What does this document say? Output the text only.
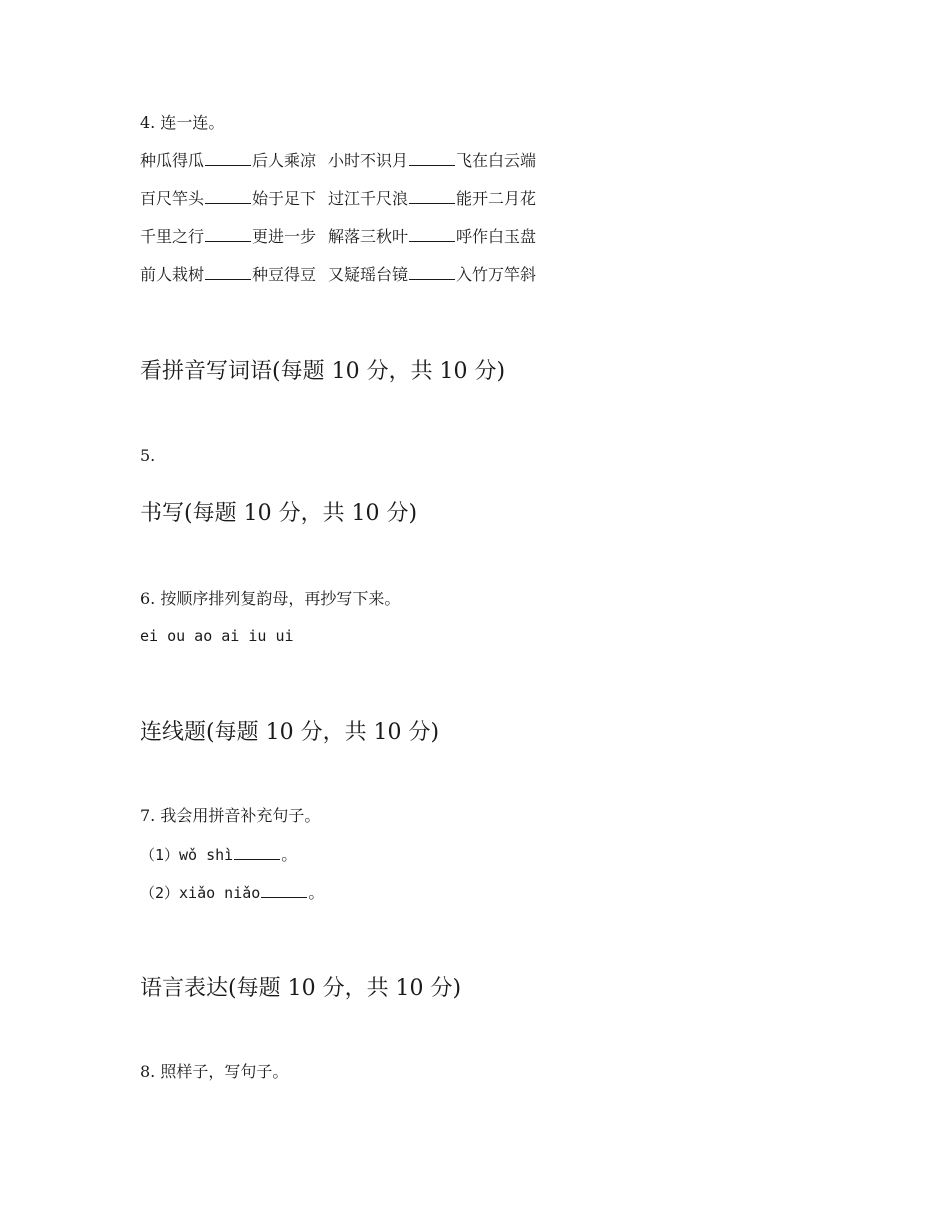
4. 连一连。
种瓜得瓜	后人乘凉 小时不识月	飞在白云端
百尺竿头	始于足下 过江千尺浪	能开二月花
千里之行	更进一步 解落三秋叶	呼作白玉盘
前人栽树	种豆得豆 又疑瑶台镜	入竹万竿斜
看拼音写词语(每题 10 分，共 10 分)
5.
书写(每题 10 分，共 10 分)
6. 按顺序排列复韵母，再抄写下来。
ei ou ao ai iu ui
连线题(每题 10 分，共 10 分)
7. 我会用拼音补充句子。
（1）wǒ shì	。
（2）xiǎo niǎo	。
语言表达(每题 10 分，共 10 分)
8. 照样子，写句子。
